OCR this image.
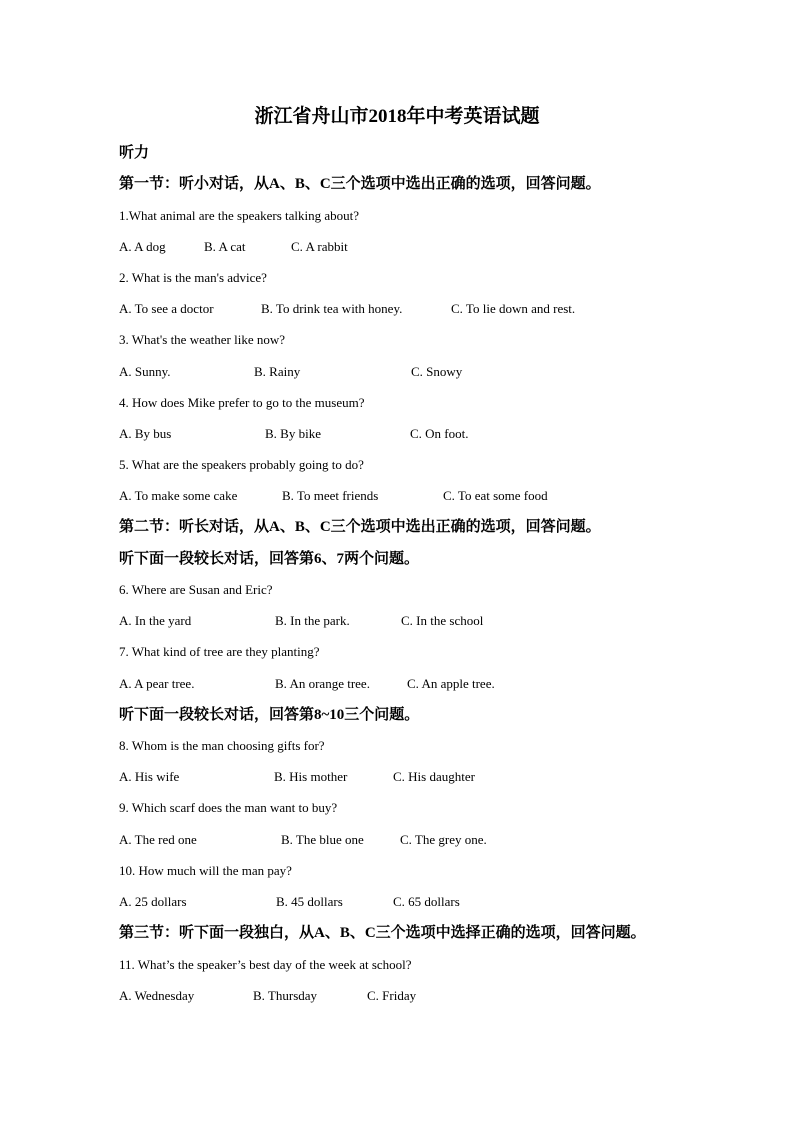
浙江省舟山市2018年中考英语试题
听力
第一节：听小对话，从A、B、C三个选项中选出正确的选项，回答问题。
1.What animal are the speakers talking about?
A. A dog	B. A cat	C. A rabbit
2. What is the man's advice?
A. To see a doctor	B. To drink tea with honey.	C. To lie down and rest.
3. What's the weather like now?
A. Sunny.	B. Rainy	C. Snowy
4. How does Mike prefer to go to the museum?
A. By bus	B. By bike	C. On foot.
5. What are the speakers probably going to do?
A. To make some cake	B. To meet friends	C. To eat some food
第二节：听长对话，从A、B、C三个选项中选出正确的选项，回答问题。
听下面一段较长对话，回答第6、7两个问题。
6. Where are Susan and Eric?
A. In the yard	B. In the park.	C. In the school
7. What kind of tree are they planting?
A. A pear tree.	B. An orange tree.	C. An apple tree.
听下面一段较长对话，回答第8~10三个问题。
8. Whom is the man choosing gifts for?
A. His wife	B. His mother	C. His daughter
9. Which scarf does the man want to buy?
A. The red one	B. The blue one	C. The grey one.
10. How much will the man pay?
A. 25 dollars	B. 45 dollars	C. 65 dollars
第三节：听下面一段独白，从A、B、C三个选项中选择正确的选项，回答问题。
11. What’s the speaker’s best day of the week at school?
A. Wednesday	B. Thursday	C. Friday
